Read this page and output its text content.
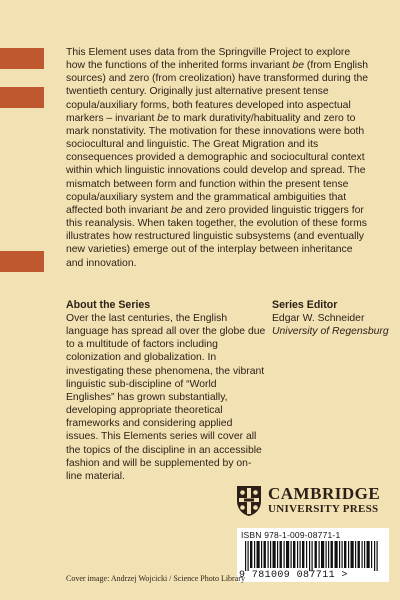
This Element uses data from the Springville Project to explore how the functions of the inherited forms invariant be (from English sources) and zero (from creolization) have transformed during the twentieth century. Originally just alternative present tense copula/auxiliary forms, both features developed into aspectual markers – invariant be to mark durativity/habituality and zero to mark nonstativity. The motivation for these innovations were both sociocultural and linguistic. The Great Migration and its consequences provided a demographic and sociocultural context within which linguistic innovations could develop and spread. The mismatch between form and function within the present tense copula/auxiliary system and the grammatical ambiguities that affected both invariant be and zero provided linguistic triggers for this reanalysis. When taken together, the evolution of these forms illustrates how restructured linguistic subsystems (and eventually new varieties) emerge out of the interplay between inheritance and innovation.

About the Series

Over the last centuries, the English language has spread all over the globe due to a multitude of factors including colonization and globalization. In investigating these phenomena, the vibrant linguistic sub-discipline of “World Englishes” has grown substantially, developing appropriate theoretical frameworks and considering applied issues. This Elements series will cover all the topics of the discipline in an accessible fashion and will be supplemented by on-line material.

Series Editor

Edgar W. Schneider

University of Regensburg

CAMBRIDGE
UNIVERSITY PRESS
ISBN 978-1-009-08771-1
9 781009 087711 >
Cover image: Andrzej Wojcicki / Science Photo Library
